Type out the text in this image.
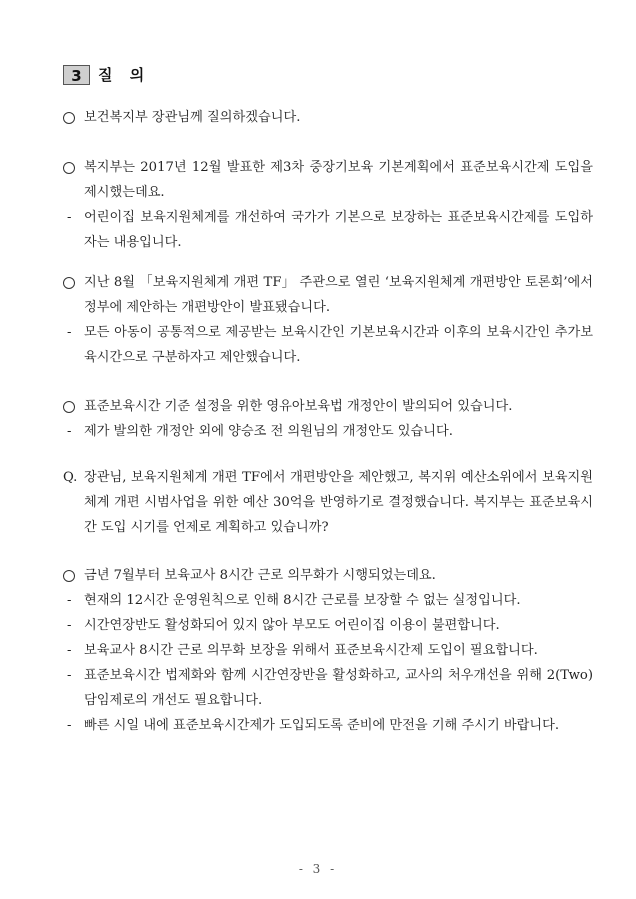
3	질 의
보건복지부 장관님께 질의하겠습니다.
복지부는 2017년 12월 발표한 제3차 중장기보육 기본계획에서 표준보육시간제 도입을 제시했는데요.
- 어린이집 보육지원체계를 개선하여 국가가 기본으로 보장하는 표준보육시간제를 도입하자는 내용입니다.
지난 8월 「보육지원체계 개편 TF」 주관으로 열린 ‘보육지원체계 개편방안 토론회’에서 정부에 제안하는 개편방안이 발표됐습니다.
- 모든 아동이 공통적으로 제공받는 보육시간인 기본보육시간과 이후의 보육시간인 추가보육시간으로 구분하자고 제안했습니다.
표준보육시간 기준 설정을 위한 영유아보육법 개정안이 발의되어 있습니다.
- 제가 발의한 개정안 외에 양승조 전 의원님의 개정안도 있습니다.
Q. 장관님, 보육지원체계 개편 TF에서 개편방안을 제안했고, 복지위 예산소위에서 보육지원체계 개편 시범사업을 위한 예산 30억을 반영하기로 결정했습니다. 복지부는 표준보육시간 도입 시기를 언제로 계획하고 있습니까?
금년 7월부터 보육교사 8시간 근로 의무화가 시행되었는데요.
- 현재의 12시간 운영원칙으로 인해 8시간 근로를 보장할 수 없는 실정입니다.
- 시간연장반도 활성화되어 있지 않아 부모도 어린이집 이용이 불편합니다.
- 보육교사 8시간 근로 의무화 보장을 위해서 표준보육시간제 도입이 필요합니다.
- 표준보육시간 법제화와 함께 시간연장반을 활성화하고, 교사의 처우개선을 위해 2(Two)담임제로의 개선도 필요합니다.
- 빠른 시일 내에 표준보육시간제가 도입되도록 준비에 만전을 기해 주시기 바랍니다.
- 3 -
